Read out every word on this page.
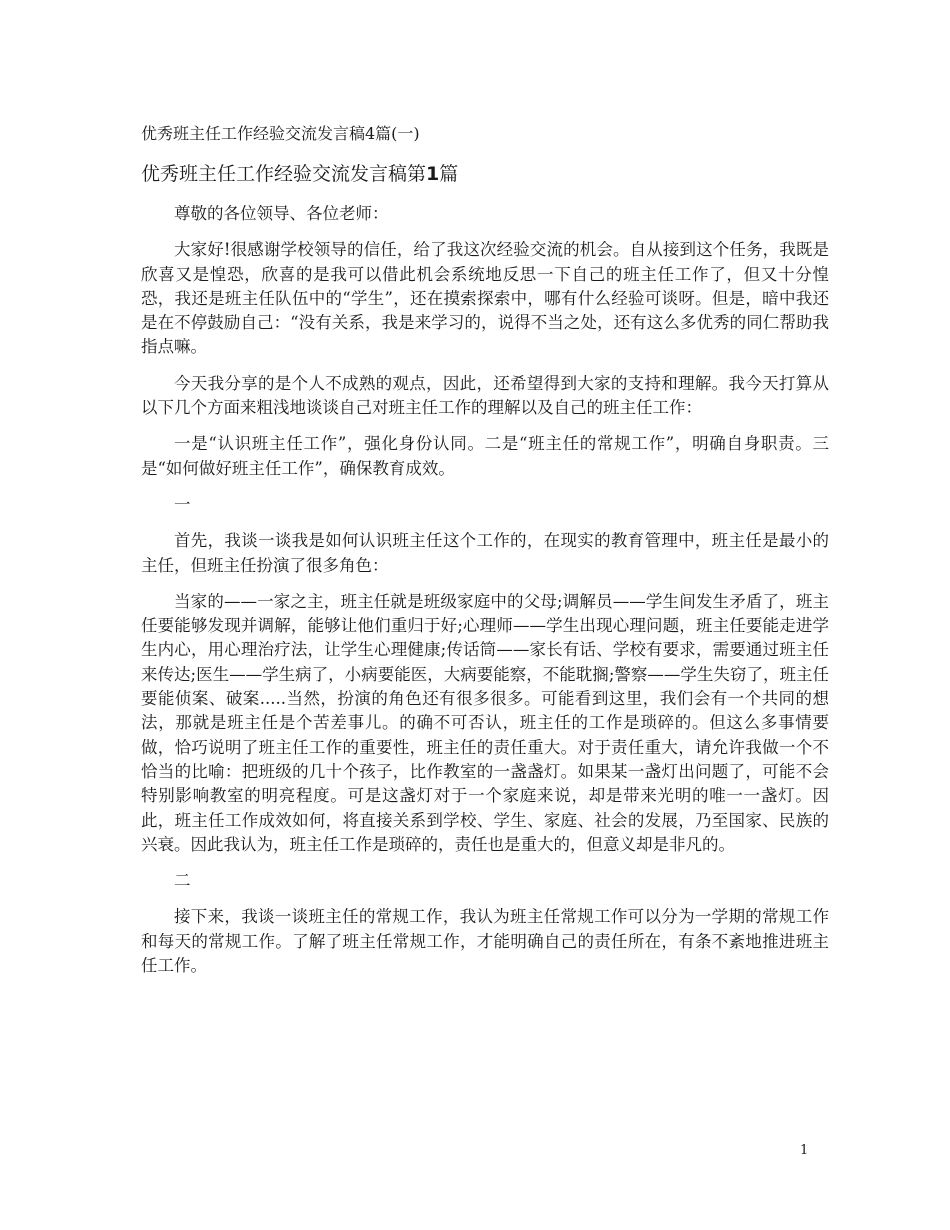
优秀班主任工作经验交流发言稿4篇(一)
优秀班主任工作经验交流发言稿第1篇

尊敬的各位领导、各位老师：

大家好!很感谢学校领导的信任，给了我这次经验交流的机会。自从接到这个任务，我既是欣喜又是惶恐，欣喜的是我可以借此机会系统地反思一下自己的班主任工作了，但又十分惶恐，我还是班主任队伍中的“学生”，还在摸索探索中，哪有什么经验可谈呀。但是，暗中我还是在不停鼓励自己：“没有关系，我是来学习的，说得不当之处，还有这么多优秀的同仁帮助我指点嘛。

今天我分享的是个人不成熟的观点，因此，还希望得到大家的支持和理解。我今天打算从以下几个方面来粗浅地谈谈自己对班主任工作的理解以及自己的班主任工作：

一是“认识班主任工作”，强化身份认同。二是“班主任的常规工作”，明确自身职责。三是“如何做好班主任工作”，确保教育成效。

一

首先，我谈一谈我是如何认识班主任这个工作的，在现实的教育管理中，班主任是最小的主任，但班主任扮演了很多角色：

当家的——一家之主，班主任就是班级家庭中的父母;调解员——学生间发生矛盾了，班主任要能够发现并调解，能够让他们重归于好;心理师——学生出现心理问题，班主任要能走进学生内心，用心理治疗法，让学生心理健康;传话筒——家长有话、学校有要求，需要通过班主任来传达;医生——学生病了，小病要能医，大病要能察，不能耽搁;警察——学生失窃了，班主任要能侦案、破案.....当然，扮演的角色还有很多很多。可能看到这里，我们会有一个共同的想法，那就是班主任是个苦差事儿。的确不可否认，班主任的工作是琐碎的。但这么多事情要做，恰巧说明了班主任工作的重要性，班主任的责任重大。对于责任重大，请允许我做一个不恰当的比喻：把班级的几十个孩子，比作教室的一盏盏灯。如果某一盏灯出问题了，可能不会特别影响教室的明亮程度。可是这盏灯对于一个家庭来说，却是带来光明的唯一一盏灯。因此，班主任工作成效如何，将直接关系到学校、学生、家庭、社会的发展，乃至国家、民族的兴衰。因此我认为，班主任工作是琐碎的，责任也是重大的，但意义却是非凡的。

二

接下来，我谈一谈班主任的常规工作，我认为班主任常规工作可以分为一学期的常规工作和每天的常规工作。了解了班主任常规工作，才能明确自己的责任所在，有条不紊地推进班主任工作。

1
